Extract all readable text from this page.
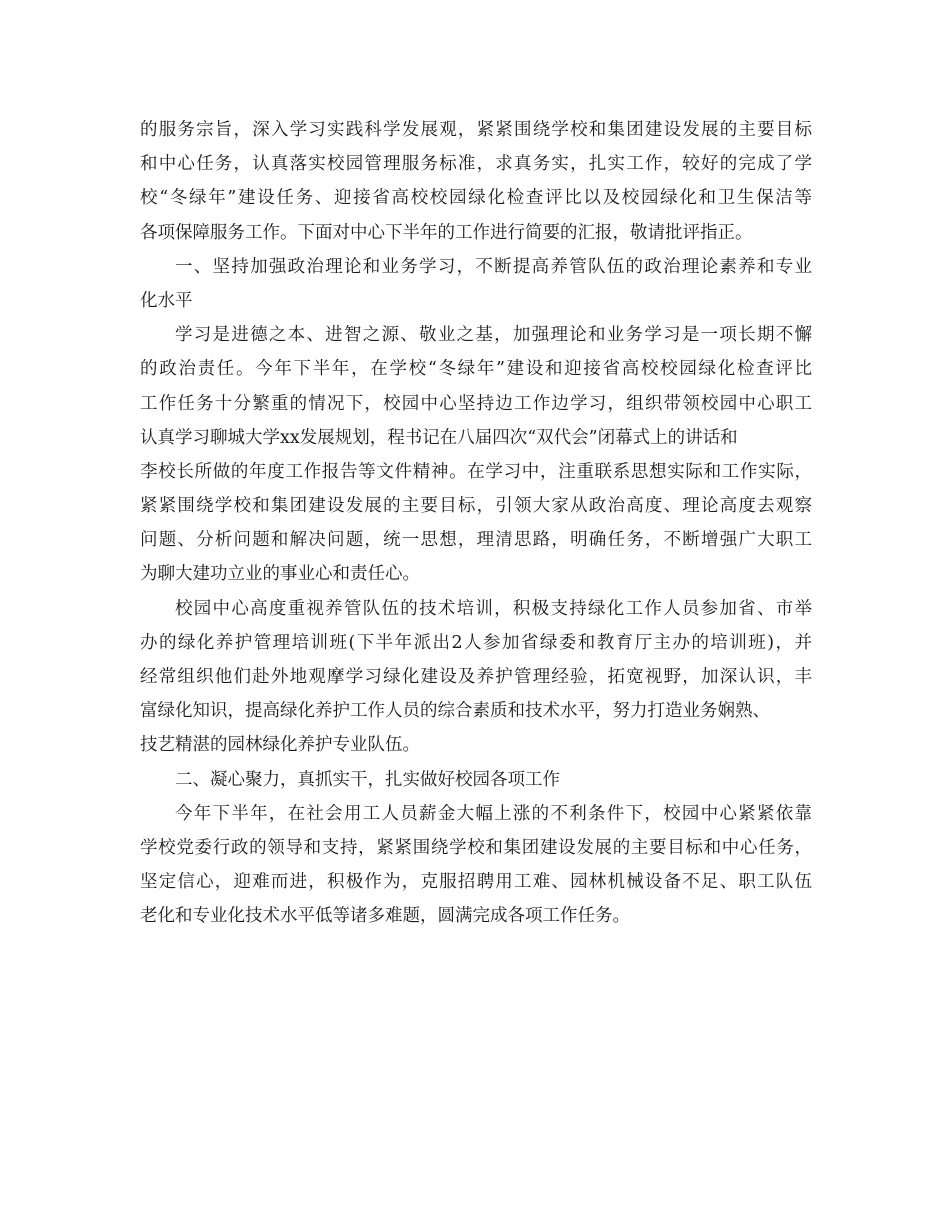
的服务宗旨，深入学习实践科学发展观，紧紧围绕学校和集团建设发展的主要目标
和中心任务，认真落实校园管理服务标准，求真务实，扎实工作，较好的完成了学
校“冬绿年”建设任务、迎接省高校校园绿化检查评比以及校园绿化和卫生保洁等
各项保障服务工作。下面对中心下半年的工作进行简要的汇报，敬请批评指正。
一、坚持加强政治理论和业务学习，不断提高养管队伍的政治理论素养和专业
化水平
学习是进德之本、进智之源、敬业之基，加强理论和业务学习是一项长期不懈
的政治责任。今年下半年，在学校“冬绿年”建设和迎接省高校校园绿化检查评比
工作任务十分繁重的情况下，校园中心坚持边工作边学习，组织带领校园中心职工
认真学习聊城大学xx发展规划，程书记在八届四次“双代会”闭幕式上的讲话和
李校长所做的年度工作报告等文件精神。在学习中，注重联系思想实际和工作实际，
紧紧围绕学校和集团建设发展的主要目标，引领大家从政治高度、理论高度去观察
问题、分析问题和解决问题，统一思想，理清思路，明确任务，不断增强广大职工
为聊大建功立业的事业心和责任心。
校园中心高度重视养管队伍的技术培训，积极支持绿化工作人员参加省、市举
办的绿化养护管理培训班(下半年派出2人参加省绿委和教育厅主办的培训班)，并
经常组织他们赴外地观摩学习绿化建设及养护管理经验，拓宽视野，加深认识，丰
富绿化知识，提高绿化养护工作人员的综合素质和技术水平，努力打造业务娴熟、
技艺精湛的园林绿化养护专业队伍。
二、凝心聚力，真抓实干，扎实做好校园各项工作
今年下半年，在社会用工人员薪金大幅上涨的不利条件下，校园中心紧紧依靠
学校党委行政的领导和支持，紧紧围绕学校和集团建设发展的主要目标和中心任务，
坚定信心，迎难而进，积极作为，克服招聘用工难、园林机械设备不足、职工队伍
老化和专业化技术水平低等诸多难题，圆满完成各项工作任务。
